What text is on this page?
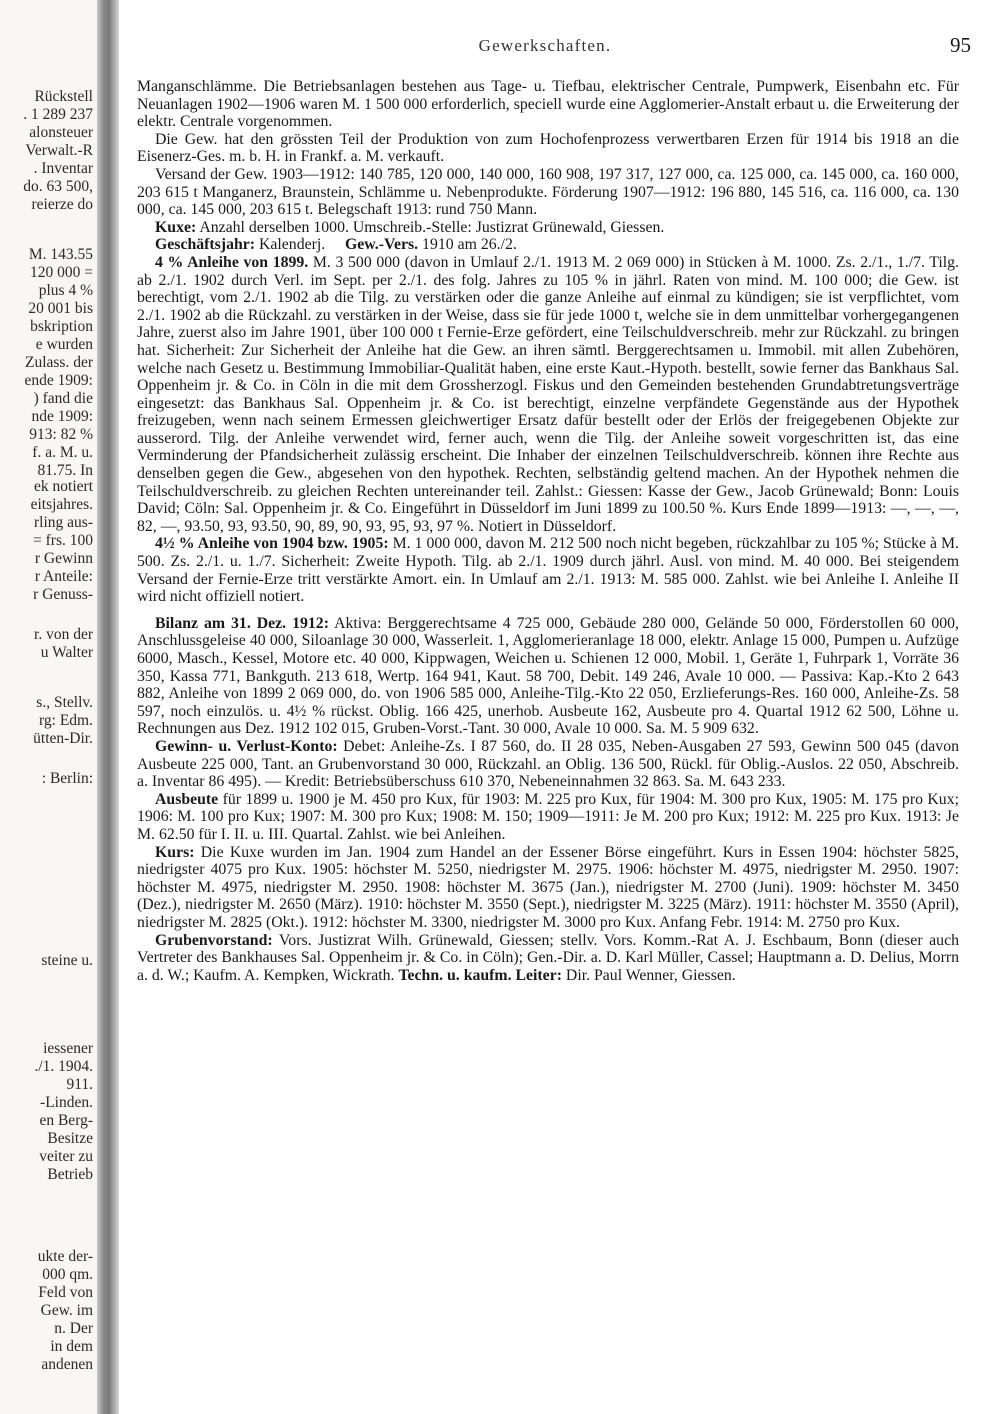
Rückstell
. 1 289 237
alonsteuer
Verwalt.-R
. Inventar
do. 63 500,
reierze do
M. 143.55
120 000 =
plus 4 %
20 001 bis
bskription
e wurden
Zulass. der
ende 1909:
) fand die
nde 1909:
913: 82 %
f. a. M. u.
81.75. In
ek notiert
eitsjahres.
rling aus-
= frs. 100
r Gewinn
r Anteile:
r Genuss-
r. von der
u Walter
s., Stellv.
rg: Edm.
ütten-Dir.
: Berlin:
iessener
./1. 1904.
911.
-Linden.
en Berg-
Besitze
veiter zu
Betrieb
ukte der-
000 qm.
Feld von
Gew. im
n. Der
in dem
andenen
steine u.
Gewerkschaften.	95

Manganschlämme. Die Betriebsanlagen bestehen aus Tage- u. Tiefbau, elektrischer Centrale, Pumpwerk, Eisenbahn etc. Für Neuanlagen 1902—1906 waren M. 1 500 000 erforderlich, speciell wurde eine Agglomerier-Anstalt erbaut u. die Erweiterung der elektr. Centrale vorgenommen.

Die Gew. hat den grössten Teil der Produktion von zum Hochofenprozess verwertbaren Erzen für 1914 bis 1918 an die Eisenerz-Ges. m. b. H. in Frankf. a. M. verkauft.

Versand der Gew. 1903—1912: 140 785, 120 000, 140 000, 160 908, 197 317, 127 000, ca. 125 000, ca. 145 000, ca. 160 000, 203 615 t Manganerz, Braunstein, Schlämme u. Nebenprodukte. Förderung 1907—1912: 196 880, 145 516, ca. 116 000, ca. 130 000, ca. 145 000, 203 615 t. Belegschaft 1913: rund 750 Mann.

Kuxe: Anzahl derselben 1000. Umschreib.-Stelle: Justizrat Grünewald, Giessen.

Geschäftsjahr: Kalenderj. Gew.-Vers. 1910 am 26./2.

4 % Anleihe von 1899. M. 3 500 000 (davon in Umlauf 2./1. 1913 M. 2 069 000) in Stücken à M. 1000. Zs. 2./1., 1./7. Tilg. ab 2./1. 1902 durch Verl. im Sept. per 2./1. des folg. Jahres zu 105 % in jährl. Raten von mind. M. 100 000; die Gew. ist berechtigt, vom 2./1. 1902 ab die Tilg. zu verstärken oder die ganze Anleihe auf einmal zu kündigen; sie ist verpflichtet, vom 2./1. 1902 ab die Rückzahl. zu verstärken in der Weise, dass sie für jede 1000 t, welche sie in dem unmittelbar vorhergegangenen Jahre, zuerst also im Jahre 1901, über 100 000 t Fernie-Erze gefördert, eine Teilschuldverschreib. mehr zur Rückzahl. zu bringen hat. Sicherheit: Zur Sicherheit der Anleihe hat die Gew. an ihren sämtl. Berggerechtsamen u. Immobil. mit allen Zubehören, welche nach Gesetz u. Bestimmung Immobiliar-Qualität haben, eine erste Kaut.-Hypoth. bestellt, sowie ferner das Bankhaus Sal. Oppenheim jr. & Co. in Cöln in die mit dem Grossherzogl. Fiskus und den Gemeinden bestehenden Grundabtretungsverträge eingesetzt: das Bankhaus Sal. Oppenheim jr. & Co. ist berechtigt, einzelne verpfändete Gegenstände aus der Hypothek freizugeben, wenn nach seinem Ermessen gleichwertiger Ersatz dafür bestellt oder der Erlös der freigegebenen Objekte zur ausserord. Tilg. der Anleihe verwendet wird, ferner auch, wenn die Tilg. der Anleihe soweit vorgeschritten ist, das eine Verminderung der Pfandsicherheit zulässig erscheint. Die Inhaber der einzelnen Teilschuldverschreib. können ihre Rechte aus denselben gegen die Gew., abgesehen von den hypothek. Rechten, selbständig geltend machen. An der Hypothek nehmen die Teilschuldverschreib. zu gleichen Rechten untereinander teil. Zahlst.: Giessen: Kasse der Gew., Jacob Grünewald; Bonn: Louis David; Cöln: Sal. Oppenheim jr. & Co. Eingeführt in Düsseldorf im Juni 1899 zu 100.50 %. Kurs Ende 1899—1913: —, —, —, 82, —, 93.50, 93, 93.50, 90, 89, 90, 93, 95, 93, 97 %. Notiert in Düsseldorf.

4½ % Anleihe von 1904 bzw. 1905: M. 1 000 000, davon M. 212 500 noch nicht begeben, rückzahlbar zu 105 %; Stücke à M. 500. Zs. 2./1. u. 1./7. Sicherheit: Zweite Hypoth. Tilg. ab 2./1. 1909 durch jährl. Ausl. von mind. M. 40 000. Bei steigendem Versand der Fernie-Erze tritt verstärkte Amort. ein. In Umlauf am 2./1. 1913: M. 585 000. Zahlst. wie bei Anleihe I. Anleihe II wird nicht offiziell notiert.

Bilanz am 31. Dez. 1912: Aktiva: Berggerechtsame 4 725 000, Gebäude 280 000, Gelände 50 000, Förderstollen 60 000, Anschlussgeleise 40 000, Siloanlage 30 000, Wasserleit. 1, Agglomerieranlage 18 000, elektr. Anlage 15 000, Pumpen u. Aufzüge 6000, Masch., Kessel, Motore etc. 40 000, Kippwagen, Weichen u. Schienen 12 000, Mobil. 1, Geräte 1, Fuhrpark 1, Vorräte 36 350, Kassa 771, Bankguth. 213 618, Wertp. 164 941, Kaut. 58 700, Debit. 149 246, Avale 10 000. — Passiva: Kap.-Kto 2 643 882, Anleihe von 1899 2 069 000, do. von 1906 585 000, Anleihe-Tilg.-Kto 22 050, Erzlieferungs-Res. 160 000, Anleihe-Zs. 58 597, noch einzulös. u. 4½ % rückst. Oblig. 166 425, unerhob. Ausbeute 162, Ausbeute pro 4. Quartal 1912 62 500, Löhne u. Rechnungen aus Dez. 1912 102 015, Gruben-Vorst.-Tant. 30 000, Avale 10 000. Sa. M. 5 909 632.

Gewinn- u. Verlust-Konto: Debet: Anleihe-Zs. I 87 560, do. II 28 035, Neben-Ausgaben 27 593, Gewinn 500 045 (davon Ausbeute 225 000, Tant. an Grubenvorstand 30 000, Rückzahl. an Oblig. 136 500, Rückl. für Oblig.-Auslos. 22 050, Abschreib. a. Inventar 86 495). — Kredit: Betriebsüberschuss 610 370, Nebeneinnahmen 32 863. Sa. M. 643 233.

Ausbeute für 1899 u. 1900 je M. 450 pro Kux, für 1903: M. 225 pro Kux, für 1904: M. 300 pro Kux, 1905: M. 175 pro Kux; 1906: M. 100 pro Kux; 1907: M. 300 pro Kux; 1908: M. 150; 1909—1911: Je M. 200 pro Kux; 1912: M. 225 pro Kux. 1913: Je M. 62.50 für I. II. u. III. Quartal. Zahlst. wie bei Anleihen.

Kurs: Die Kuxe wurden im Jan. 1904 zum Handel an der Essener Börse eingeführt. Kurs in Essen 1904: höchster 5825, niedrigster 4075 pro Kux. 1905: höchster M. 5250, niedrigster M. 2975. 1906: höchster M. 4975, niedrigster M. 2950. 1907: höchster M. 4975, niedrigster M. 2950. 1908: höchster M. 3675 (Jan.), niedrigster M. 2700 (Juni). 1909: höchster M. 3450 (Dez.), niedrigster M. 2650 (März). 1910: höchster M. 3550 (Sept.), niedrigster M. 3225 (März). 1911: höchster M. 3550 (April), niedrigster M. 2825 (Okt.). 1912: höchster M. 3300, niedrigster M. 3000 pro Kux. Anfang Febr. 1914: M. 2750 pro Kux.

Grubenvorstand: Vors. Justizrat Wilh. Grünewald, Giessen; stellv. Vors. Komm.-Rat A. J. Eschbaum, Bonn (dieser auch Vertreter des Bankhauses Sal. Oppenheim jr. & Co. in Cöln); Gen.-Dir. a. D. Karl Müller, Cassel; Hauptmann a. D. Delius, Morrn a. d. W.; Kaufm. A. Kempken, Wickrath. Techn. u. kaufm. Leiter: Dir. Paul Wenner, Giessen.
